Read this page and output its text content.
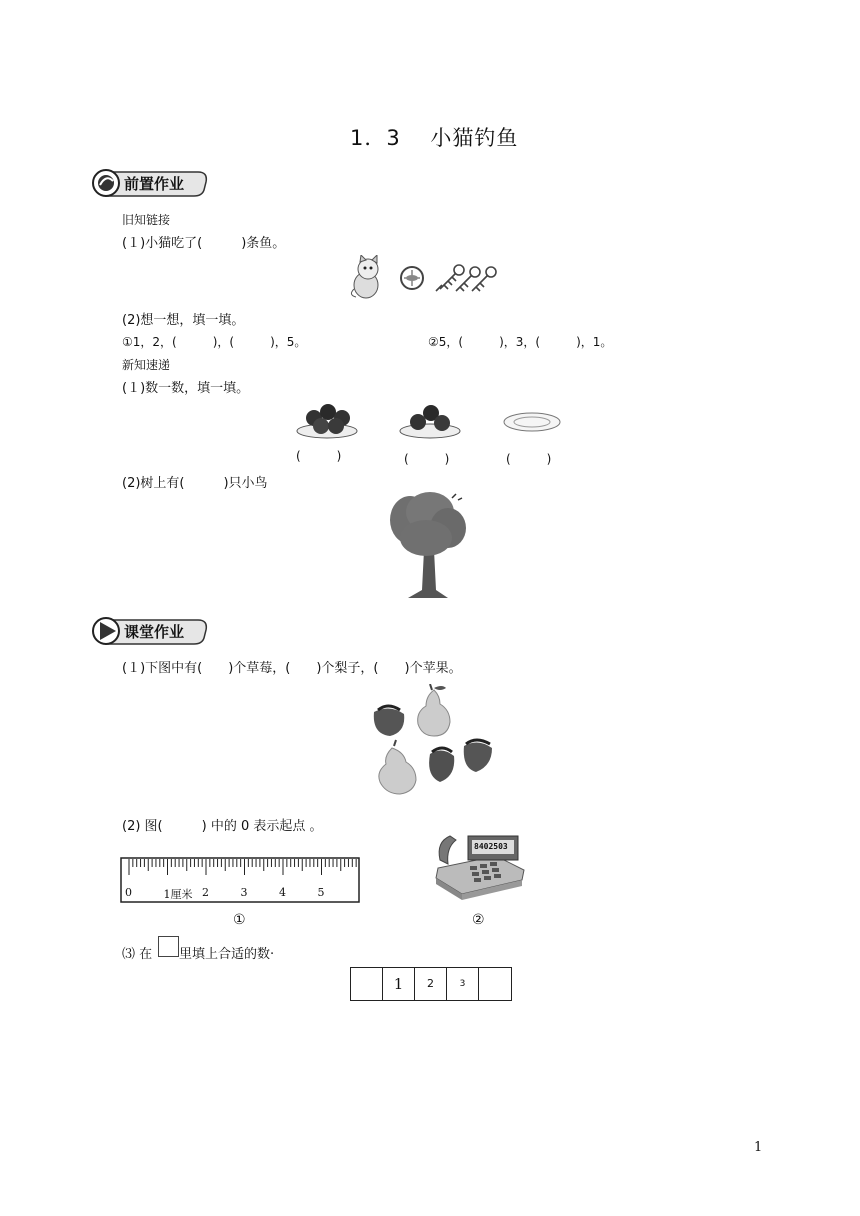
1．3　 小猫钓鱼
前置作业
旧知链接
(１)小猫吃了(　　　)条鱼。
(2)想一想，填一填。
①1，2，(　　　)，(　　　)，5。	②5，(　　　)，3，(　　　)，1。
新知速递
(１)数一数，填一填。
(　　　)	(　　　)	(　　　)
(2)树上有(　　　)只小鸟
课堂作业
(１)下图中有(　　)个草莓，(　　)个梨子，(　　)个苹果。
(2) 图(　　　) 中的 0 表示起点 。
0	1厘米 2	3	4	5
①
8402503
②
⑶ 在 里填上合适的数·
1	2	3
1
